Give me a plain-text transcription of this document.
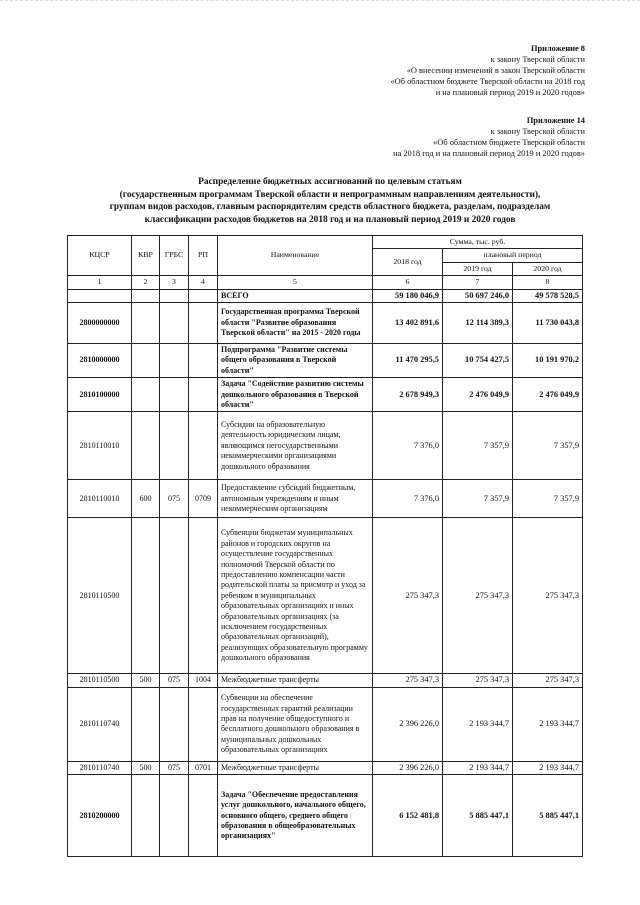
Приложение 8
к закону Тверской области
«О внесении изменений в закон Тверской области
«Об областном бюджете Тверской области на 2018 год
и на плановый период 2019 и 2020 годов»
Приложение 14
к закону Тверской области
«Об областном бюджете Тверской области
на 2018 год и на плановый период 2019 и 2020 годов»
Распределение бюджетных ассигнований по целевым статьям
(государственным программам Тверской области и непрограммным направлениям деятельности),
группам видов расходов, главным распорядителям средств областного бюджета, разделам, подразделам
классификации расходов бюджетов на 2018 год и на плановый период 2019 и 2020 годов
КЦСР	КВР	ГРБС	РП	Наименование	Сумма, тыс. руб.		
					2018 год	плановый период	
						2019 год	2020 год
1	2	3	4	5	6	7	8
				ВСЕГО	59 180 046,9	50 697 246,0	49 578 528,5
2800000000				Государственная программа Тверской области "Развитие образования Тверской области" на 2015 - 2020 годы	13 402 891,6	12 114 389,3	11 730 043,8
2810000000				Подпрограмма "Развитие системы общего образования в Тверской области"	11 470 295,5	10 754 427,5	10 191 970,2
2810100000				Задача "Содействие развитию системы дошкольного образования в Тверской области"	2 678 949,3	2 476 049,9	2 476 049,9
2810110010				Субсидии на образовательную деятельность юридическим лицам, являющимся негосударственными некоммерческими организациями дошкольного образования	7 376,0	7 357,9	7 357,9
2810110010	600	075	0709	Предоставление субсидий бюджетным, автономным учреждениям и иным некоммерческим организациям	7 376,0	7 357,9	7 357,9
2810110500				Субвенции бюджетам муниципальных районов и городских округов на осуществление государственных полномочий Тверской области по предоставлению компенсации части родительской платы за присмотр и уход за ребенком в муниципальных образовательных организациях и иных образовательных организациях (за исключением государственных образовательных организаций), реализующих образовательную программу дошкольного образования	275 347,3	275 347,3	275 347,3
2810110500	500	075	1004	Межбюджетные трансферты	275 347,3	275 347,3	275 347,3
2810110740				Субвенции на обеспечение государственных гарантий реализации прав на получение общедоступного и бесплатного дошкольного образования в муниципальных дошкольных образовательных организациях	2 396 226,0	2 193 344,7	2 193 344,7
2810110740	500	075	0701	Межбюджетные трансферты	2 396 226,0	2 193 344,7	2 193 344,7
2810200000				Задача "Обеспечение предоставления услуг дошкольного, начального общего, основного общего, среднего общего образования в общеобразовательных организациях"	6 152 481,8	5 885 447,1	5 885 447,1
